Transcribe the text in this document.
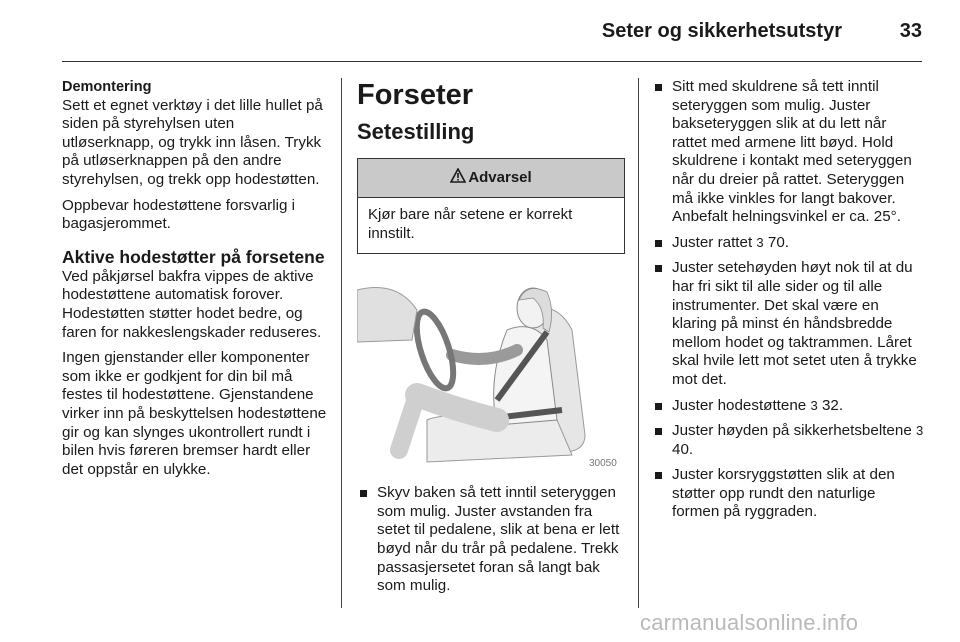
Seter og sikkerhetsutstyr	33
Demontering

Sett et egnet verktøy i det lille hullet på siden på styrehylsen uten utløserknapp, og trykk inn låsen. Trykk på utløserknappen på den andre styrehylsen, og trekk opp hodestøtten.

Oppbevar hodestøttene forsvarlig i bagasjerommet.

Aktive hodestøtter på forsetene

Ved påkjørsel bakfra vippes de aktive hodestøttene automatisk forover. Hodestøtten støtter hodet bedre, og faren for nakkeslengskader reduseres.

Ingen gjenstander eller komponenter som ikke er godkjent for din bil må festes til hodestøttene. Gjenstandene virker inn på beskyttelsen hodestøttene gir og kan slynges ukontrollert rundt i bilen hvis føreren bremser hardt eller det oppstår en ulykke.

Forseter
Setestilling
Advarsel
Kjør bare når setene er korrekt innstilt.
30050
Skyv baken så tett inntil seteryggen som mulig. Juster avstanden fra setet til pedalene, slik at bena er lett bøyd når du trår på pedalene. Trekk passasjersetet foran så langt bak som mulig.
Sitt med skuldrene så tett inntil seteryggen som mulig. Juster bakseteryggen slik at du lett når rattet med armene litt bøyd. Hold skuldrene i kontakt med seteryggen når du dreier på rattet. Seteryggen må ikke vinkles for langt bakover. Anbefalt helningsvinkel er ca. 25°.
Juster rattet 3 70.
Juster setehøyden høyt nok til at du har fri sikt til alle sider og til alle instrumenter. Det skal være en klaring på minst én håndsbredde mellom hodet og taktrammen. Låret skal hvile lett mot setet uten å trykke mot det.
Juster hodestøttene 3 32.
Juster høyden på sikkerhetsbeltene 3 40.
Juster korsryggstøtten slik at den støtter opp rundt den naturlige formen på ryggraden.
carmanualsonline.info
